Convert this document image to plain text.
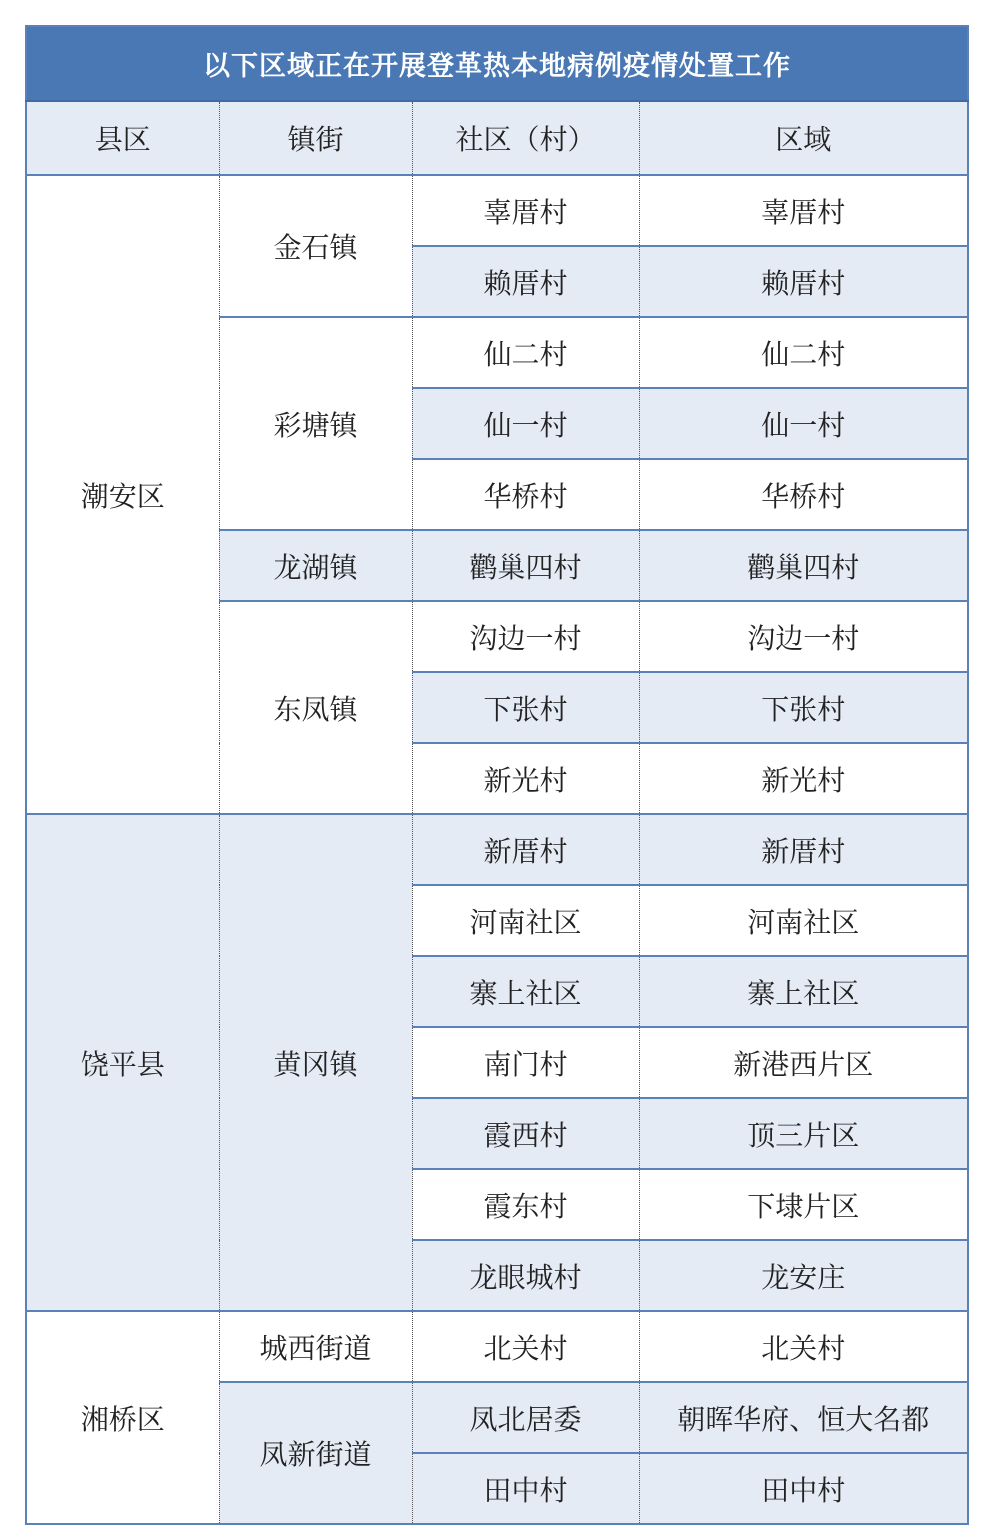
以下区域正在开展登革热本地病例疫情处置工作			
县区	镇街	社区（村）	区域
潮安区	金石镇	辜厝村	辜厝村
		赖厝村	赖厝村
	彩塘镇	仙二村	仙二村
		仙一村	仙一村
		华桥村	华桥村
	龙湖镇	鹳巢四村	鹳巢四村
	东凤镇	沟边一村	沟边一村
		下张村	下张村
		新光村	新光村
饶平县	黄冈镇	新厝村	新厝村
		河南社区	河南社区
		寨上社区	寨上社区
		南门村	新港西片区
		霞西村	顶三片区
		霞东村	下埭片区
		龙眼城村	龙安庄
湘桥区	城西街道	北关村	北关村
	凤新街道	凤北居委	朝晖华府、恒大名都
		田中村	田中村
